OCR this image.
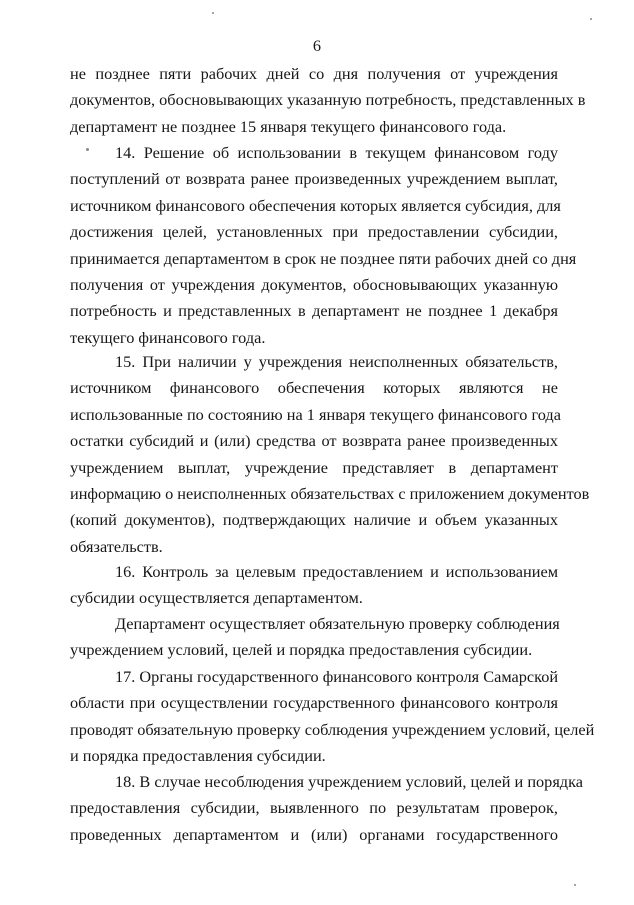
6
не позднее пяти рабочих дней со дня получения от учреждения
документов, обосновывающих указанную потребность, представленных в
департамент не позднее 15 января текущего финансового года.
14. Решение об использовании в текущем финансовом году
поступлений от возврата ранее произведенных учреждением выплат,
источником финансового обеспечения которых является субсидия, для
достижения целей, установленных при предоставлении субсидии,
принимается департаментом в срок не позднее пяти рабочих дней со дня
получения от учреждения документов, обосновывающих указанную
потребность и представленных в департамент не позднее 1 декабря
текущего финансового года.
15. При наличии у учреждения неисполненных обязательств,
источником финансового обеспечения которых являются не
использованные по состоянию на 1 января текущего финансового года
остатки субсидий и (или) средства от возврата ранее произведенных
учреждением выплат, учреждение представляет в департамент
информацию о неисполненных обязательствах с приложением документов
(копий документов), подтверждающих наличие и объем указанных
обязательств.
16. Контроль за целевым предоставлением и использованием
субсидии осуществляется департаментом.
Департамент осуществляет обязательную проверку соблюдения
учреждением условий, целей и порядка предоставления субсидии.
17. Органы государственного финансового контроля Самарской
области при осуществлении государственного финансового контроля
проводят обязательную проверку соблюдения учреждением условий, целей
и порядка предоставления субсидии.
18. В случае несоблюдения учреждением условий, целей и порядка
предоставления субсидии, выявленного по результатам проверок,
проведенных департаментом и (или) органами государственного
